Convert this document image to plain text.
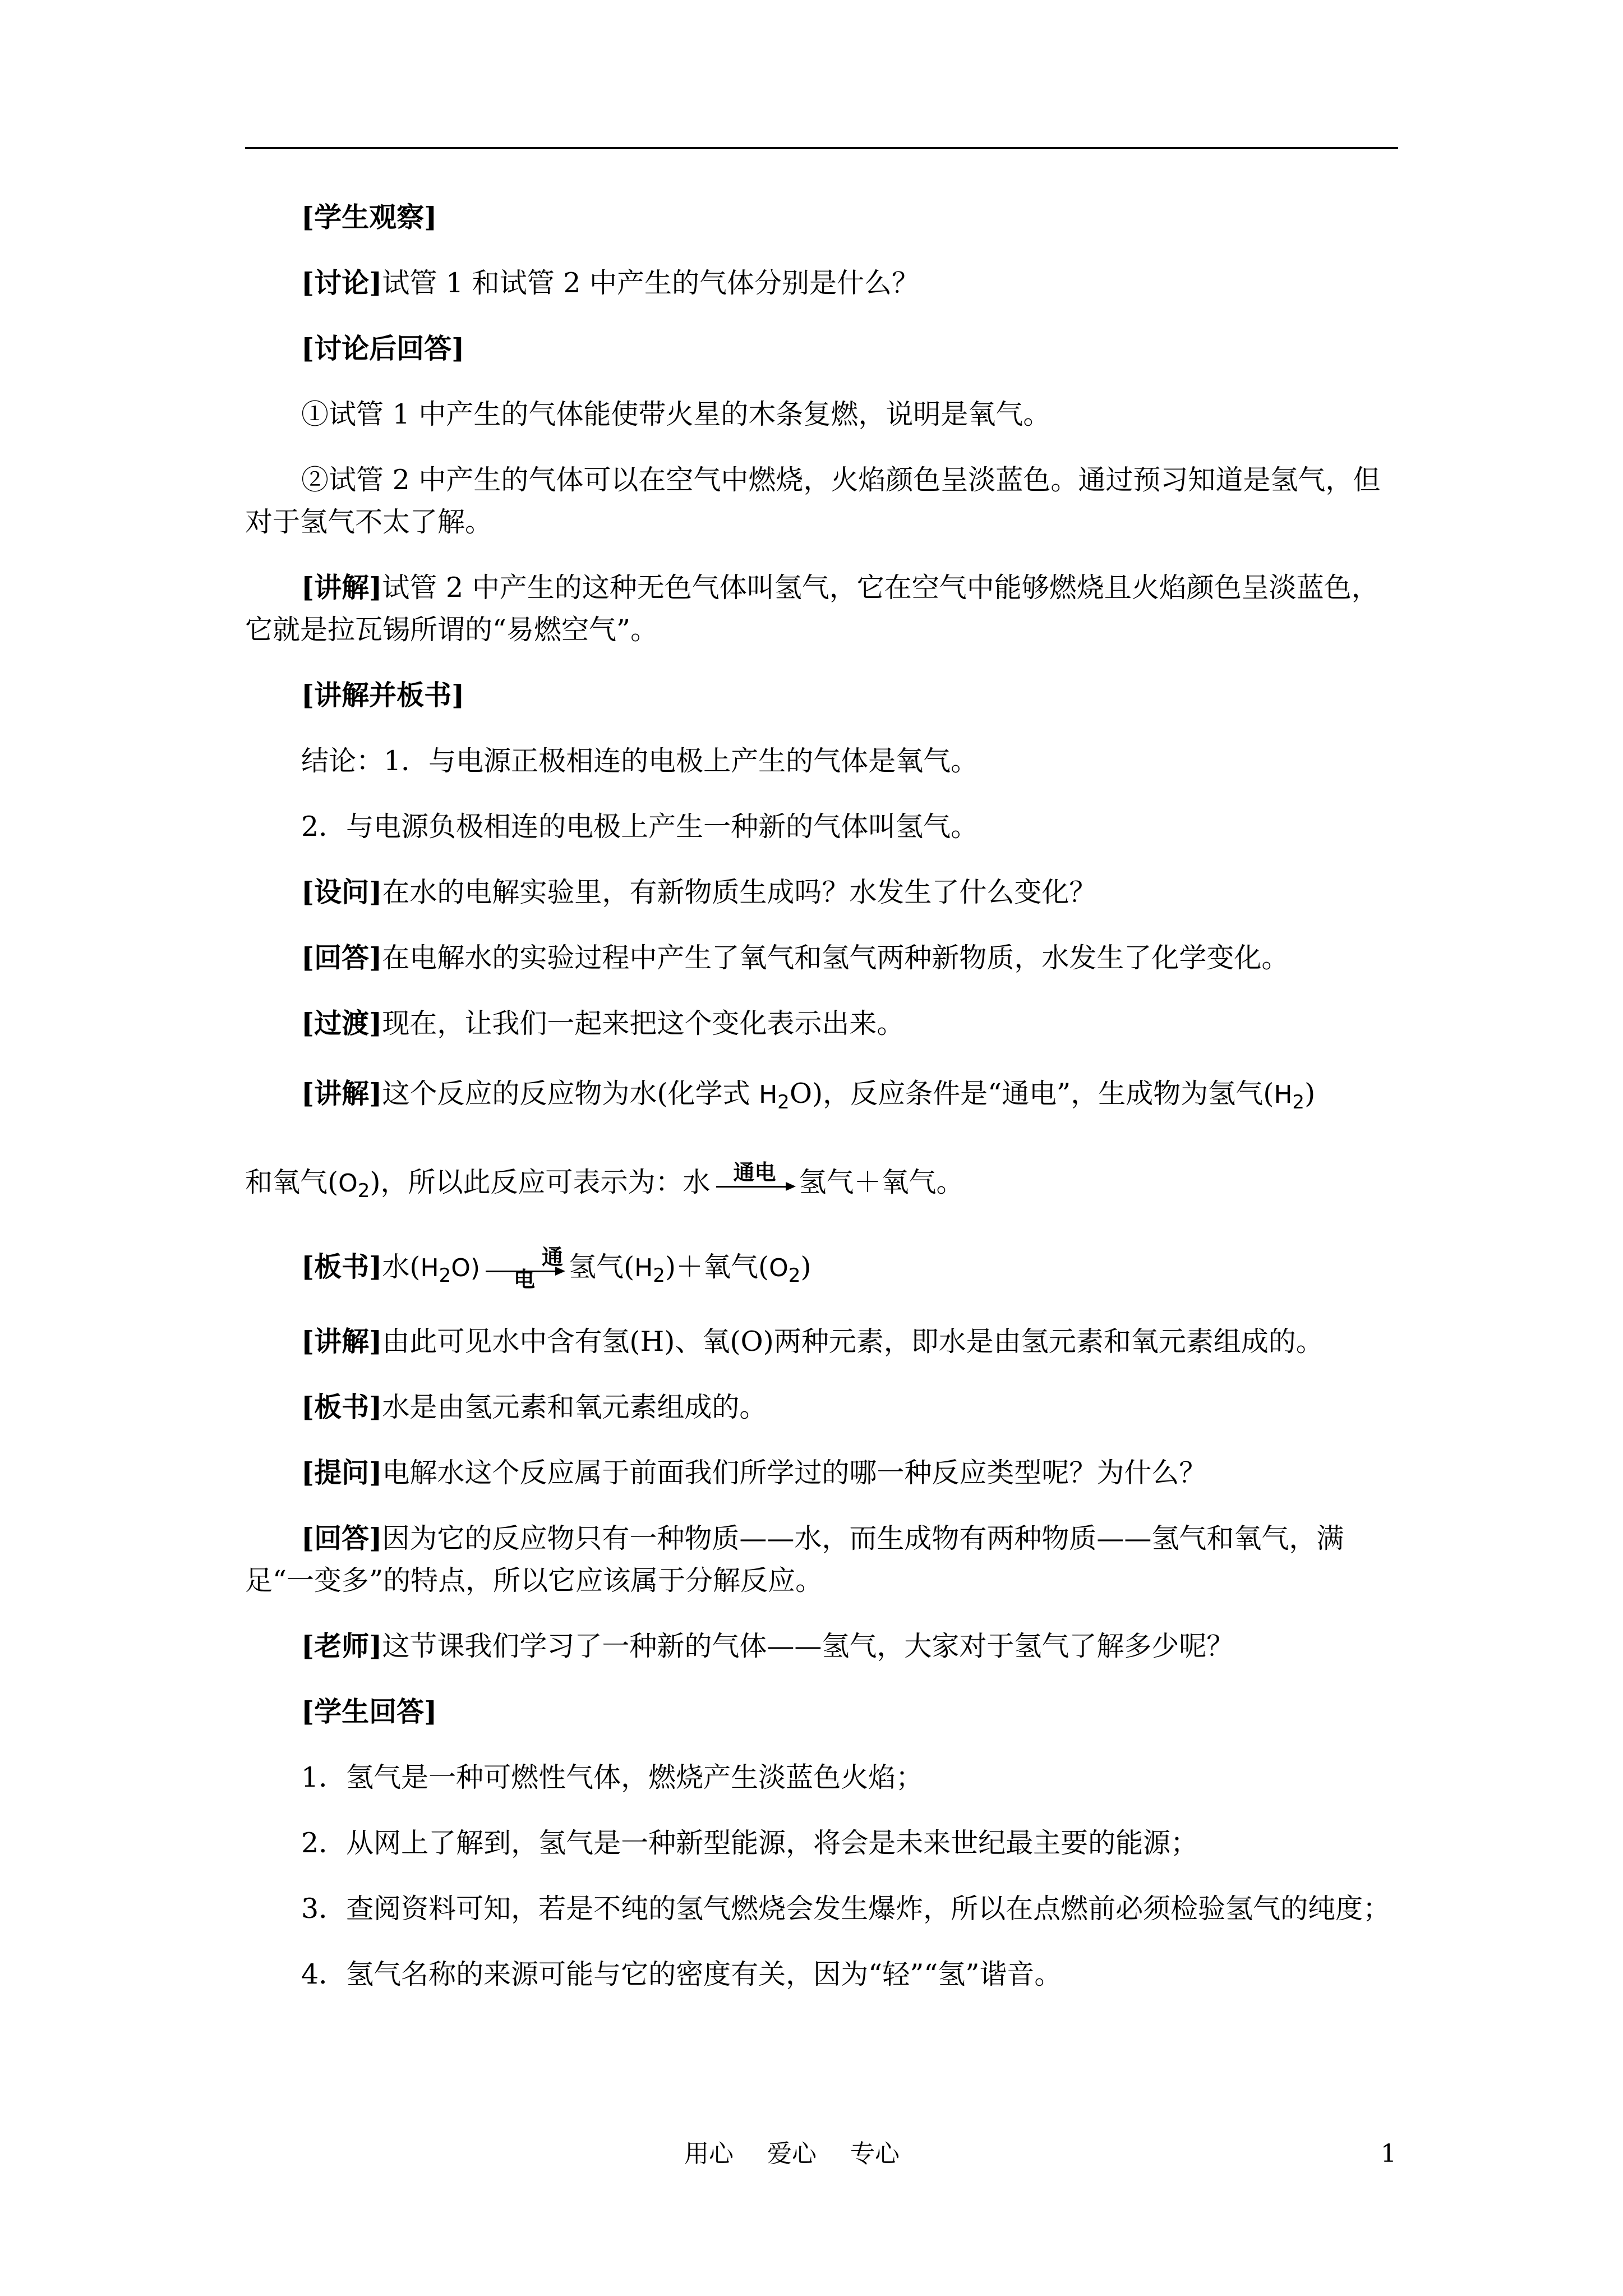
[学生观察]

[讨论]试管 1 和试管 2 中产生的气体分别是什么？

[讨论后回答]

①试管 1 中产生的气体能使带火星的木条复燃，说明是氧气。

②试管 2 中产生的气体可以在空气中燃烧，火焰颜色呈淡蓝色。通过预习知道是氢气，但对于氢气不太了解。

[讲解]试管 2 中产生的这种无色气体叫氢气，它在空气中能够燃烧且火焰颜色呈淡蓝色，它就是拉瓦锡所谓的“易燃空气”。

[讲解并板书]

结论：1．与电源正极相连的电极上产生的气体是氧气。

2．与电源负极相连的电极上产生一种新的气体叫氢气。

[设问]在水的电解实验里，有新物质生成吗？水发生了什么变化？

[回答]在电解水的实验过程中产生了氧气和氢气两种新物质，水发生了化学变化。

[过渡]现在，让我们一起来把这个变化表示出来。

[讲解]这个反应的反应物为水(化学式 $H_2O$)，反应条件是“通电”，生成物为氢气$(H_2)$

和氧气$(O_2)$，所以此反应可表示为：水	通电 氢气＋氧气。

[板书]水$(H_2O)$	通电	氢气$(H_2)+$氧气$(O_2)$

[讲解]由此可见水中含有氢(H)、氧(O)两种元素，即水是由氢元素和氧元素组成的。

[板书]水是由氢元素和氧元素组成的。

[提问]电解水这个反应属于前面我们所学过的哪一种反应类型呢？为什么？

[回答]因为它的反应物只有一种物质——水，而生成物有两种物质——氢气和氧气，满足“一变多”的特点，所以它应该属于分解反应。

[老师]这节课我们学习了一种新的气体——氢气，大家对于氢气了解多少呢？

[学生回答]

1．氢气是一种可燃性气体，燃烧产生淡蓝色火焰；

2．从网上了解到，氢气是一种新型能源，将会是未来世纪最主要的能源；

3．查阅资料可知，若是不纯的氢气燃烧会发生爆炸，所以在点燃前必须检验氢气的纯度；

4．氢气名称的来源可能与它的密度有关，因为“轻”“氢”谐音。

用心 爱心 专心	1
